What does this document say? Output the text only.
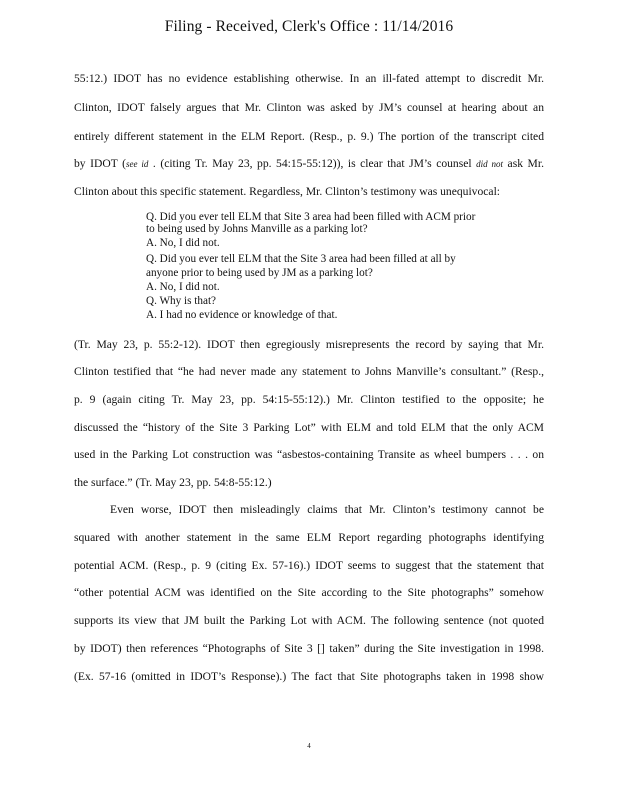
Filing - Received, Clerk's Office : 11/14/2016
55:12.) IDOT has no evidence establishing otherwise. In an ill-fated attempt to discredit Mr.
Clinton, IDOT falsely argues that Mr. Clinton was asked by JM’s counsel at hearing about an
entirely different statement in the ELM Report. (Resp., p. 9.) The portion of the transcript cited
by IDOT (see id . (citing Tr. May 23, pp. 54:15-55:12)), is clear that JM’s counsel did not ask Mr.
Clinton about this specific statement. Regardless, Mr. Clinton’s testimony was unequivocal:
(Tr. May 23, p. 55:2-12). IDOT then egregiously misrepresents the record by saying that Mr.
Clinton testified that “he had never made any statement to Johns Manville’s consultant.” (Resp.,
p. 9 (again citing Tr. May 23, pp. 54:15-55:12).) Mr. Clinton testified to the opposite; he
discussed the “history of the Site 3 Parking Lot” with ELM and told ELM that the only ACM
used in the Parking Lot construction was “asbestos-containing Transite as wheel bumpers . . . on
the surface.” (Tr. May 23, pp. 54:8-55:12.)
Even worse, IDOT then misleadingly claims that Mr. Clinton’s testimony cannot be
squared with another statement in the same ELM Report regarding photographs identifying
potential ACM. (Resp., p. 9 (citing Ex. 57-16).) IDOT seems to suggest that the statement that
“other potential ACM was identified on the Site according to the Site photographs” somehow
supports its view that JM built the Parking Lot with ACM. The following sentence (not quoted
by IDOT) then references “Photographs of Site 3 [] taken” during the Site investigation in 1998.
(Ex. 57-16 (omitted in IDOT’s Response).) The fact that Site photographs taken in 1998 show
Q. Did you ever tell ELM that Site 3 area had been filled with ACM prior
to being used by Johns Manville as a parking lot?
A. No, I did not.
Q. Did you ever tell ELM that the Site 3 area had been filled at all by
anyone prior to being used by JM as a parking lot?
A. No, I did not.
Q. Why is that?
A. I had no evidence or knowledge of that.
4
